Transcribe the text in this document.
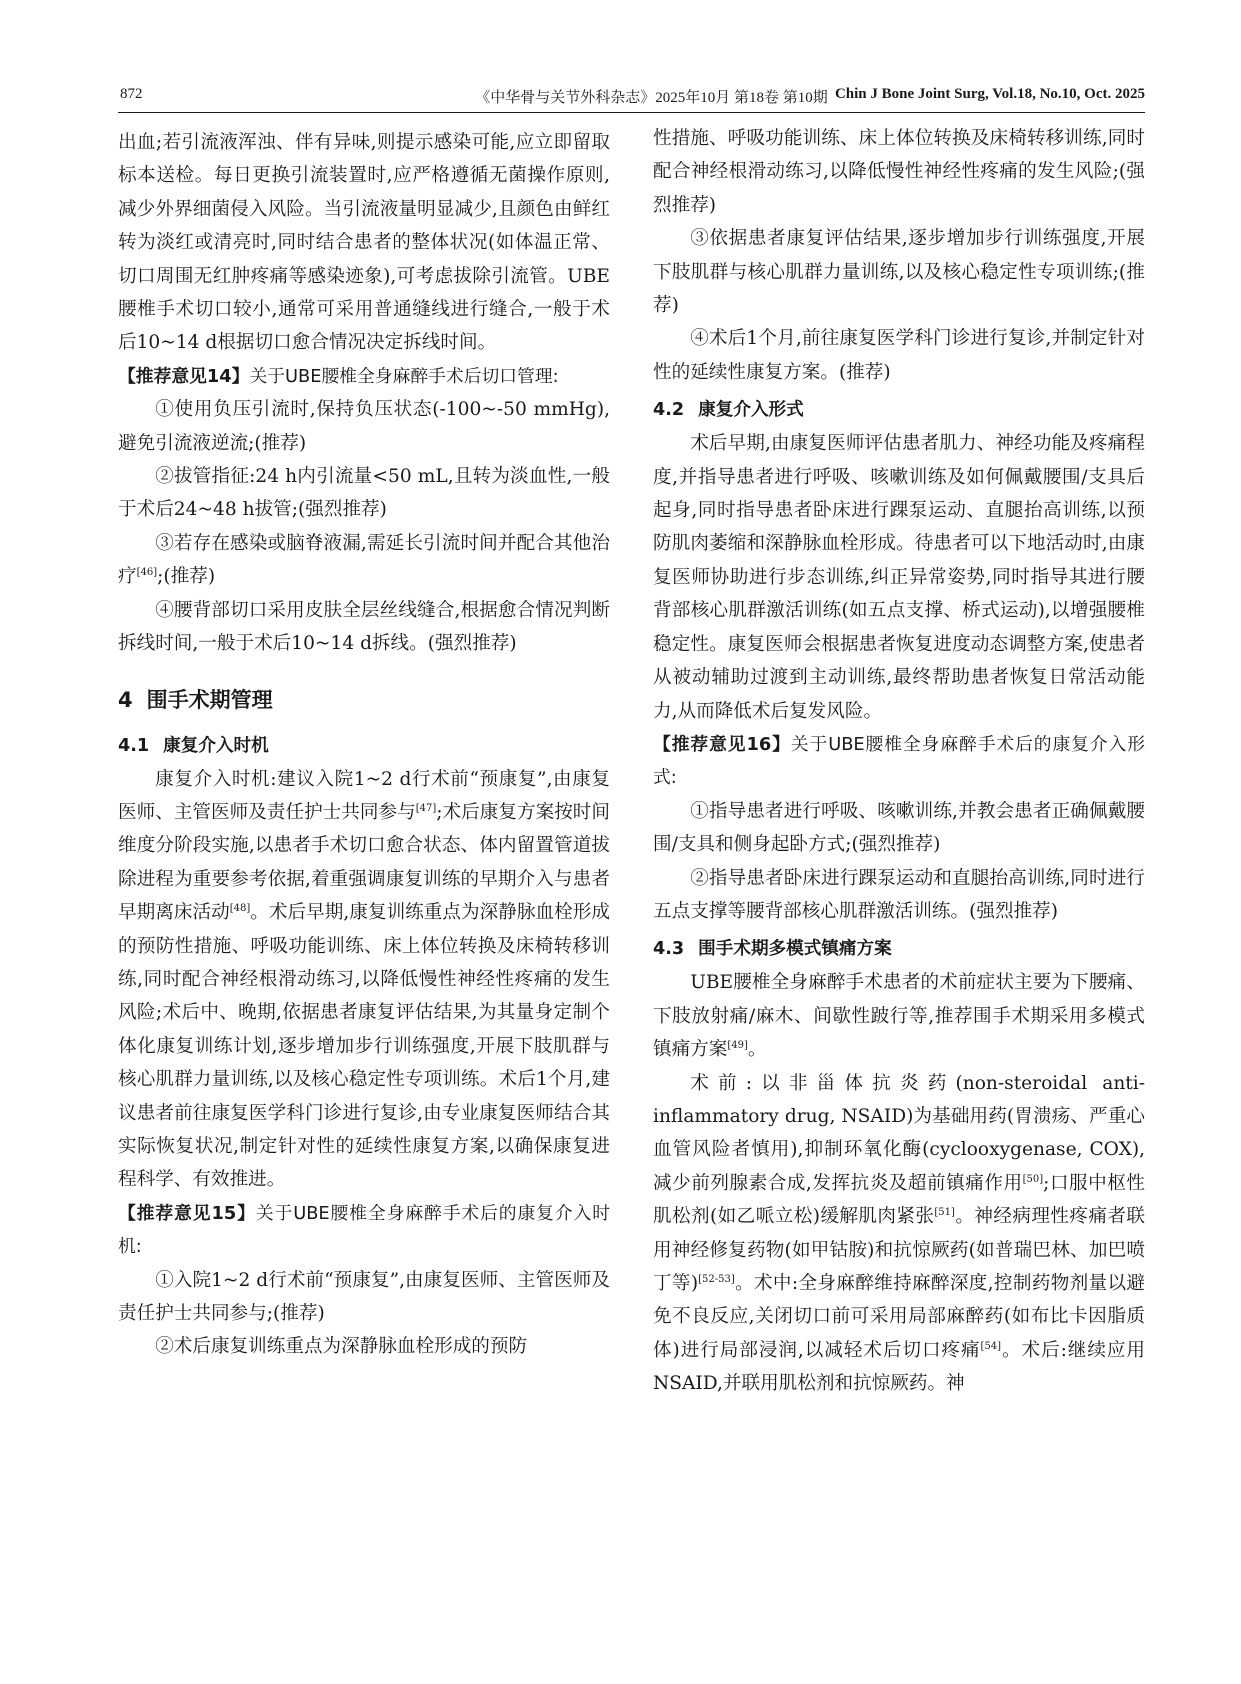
872	《中华骨与关节外科杂志》2025年10月 第18卷 第10期 Chin J Bone Joint Surg, Vol.18, No.10, Oct. 2025

出血;若引流液浑浊、伴有异味,则提示感染可能,应立即留取标本送检。每日更换引流装置时,应严格遵循无菌操作原则,减少外界细菌侵入风险。当引流液量明显减少,且颜色由鲜红转为淡红或清亮时,同时结合患者的整体状况(如体温正常、切口周围无红肿疼痛等感染迹象),可考虑拔除引流管。UBE腰椎手术切口较小,通常可采用普通缝线进行缝合,一般于术后10~14 d根据切口愈合情况决定拆线时间。

【推荐意见14】关于UBE腰椎全身麻醉手术后切口管理:

①使用负压引流时,保持负压状态(-100~-50 mmHg),避免引流液逆流;(推荐)

②拔管指征:24 h内引流量<50 mL,且转为淡血性,一般于术后24~48 h拔管;(强烈推荐)

③若存在感染或脑脊液漏,需延长引流时间并配合其他治疗[46];(推荐)

④腰背部切口采用皮肤全层丝线缝合,根据愈合情况判断拆线时间,一般于术后10~14 d拆线。(强烈推荐)

4 围手术期管理
4.1 康复介入时机

康复介入时机:建议入院1~2 d行术前“预康复”,由康复医师、主管医师及责任护士共同参与[47];术后康复方案按时间维度分阶段实施,以患者手术切口愈合状态、体内留置管道拔除进程为重要参考依据,着重强调康复训练的早期介入与患者早期离床活动[48]。术后早期,康复训练重点为深静脉血栓形成的预防性措施、呼吸功能训练、床上体位转换及床椅转移训练,同时配合神经根滑动练习,以降低慢性神经性疼痛的发生风险;术后中、晚期,依据患者康复评估结果,为其量身定制个体化康复训练计划,逐步增加步行训练强度,开展下肢肌群与核心肌群力量训练,以及核心稳定性专项训练。术后1个月,建议患者前往康复医学科门诊进行复诊,由专业康复医师结合其实际恢复状况,制定针对性的延续性康复方案,以确保康复进程科学、有效推进。

【推荐意见15】关于UBE腰椎全身麻醉手术后的康复介入时机:

①入院1~2 d行术前“预康复”,由康复医师、主管医师及责任护士共同参与;(推荐)

②术后康复训练重点为深静脉血栓形成的预防

性措施、呼吸功能训练、床上体位转换及床椅转移训练,同时配合神经根滑动练习,以降低慢性神经性疼痛的发生风险;(强烈推荐)

③依据患者康复评估结果,逐步增加步行训练强度,开展下肢肌群与核心肌群力量训练,以及核心稳定性专项训练;(推荐)

④术后1个月,前往康复医学科门诊进行复诊,并制定针对性的延续性康复方案。(推荐)

4.2 康复介入形式

术后早期,由康复医师评估患者肌力、神经功能及疼痛程度,并指导患者进行呼吸、咳嗽训练及如何佩戴腰围/支具后起身,同时指导患者卧床进行踝泵运动、直腿抬高训练,以预防肌肉萎缩和深静脉血栓形成。待患者可以下地活动时,由康复医师协助进行步态训练,纠正异常姿势,同时指导其进行腰背部核心肌群激活训练(如五点支撑、桥式运动),以增强腰椎稳定性。康复医师会根据患者恢复进度动态调整方案,使患者从被动辅助过渡到主动训练,最终帮助患者恢复日常活动能力,从而降低术后复发风险。

【推荐意见16】关于UBE腰椎全身麻醉手术后的康复介入形式:

①指导患者进行呼吸、咳嗽训练,并教会患者正确佩戴腰围/支具和侧身起卧方式;(强烈推荐)

②指导患者卧床进行踝泵运动和直腿抬高训练,同时进行五点支撑等腰背部核心肌群激活训练。(强烈推荐)

4.3 围手术期多模式镇痛方案

UBE腰椎全身麻醉手术患者的术前症状主要为下腰痛、下肢放射痛/麻木、间歇性跛行等,推荐围手术期采用多模式镇痛方案[49]。

术前:以非甾体抗炎药(non-steroidal anti-inflammatory drug, NSAID)为基础用药(胃溃疡、严重心血管风险者慎用),抑制环氧化酶(cyclooxygenase, COX),减少前列腺素合成,发挥抗炎及超前镇痛作用[50];口服中枢性肌松剂(如乙哌立松)缓解肌肉紧张[51]。神经病理性疼痛者联用神经修复药物(如甲钴胺)和抗惊厥药(如普瑞巴林、加巴喷丁等)[52-53]。术中:全身麻醉维持麻醉深度,控制药物剂量以避免不良反应,关闭切口前可采用局部麻醉药(如布比卡因脂质体)进行局部浸润,以减轻术后切口疼痛[54]。术后:继续应用NSAID,并联用肌松剂和抗惊厥药。神
